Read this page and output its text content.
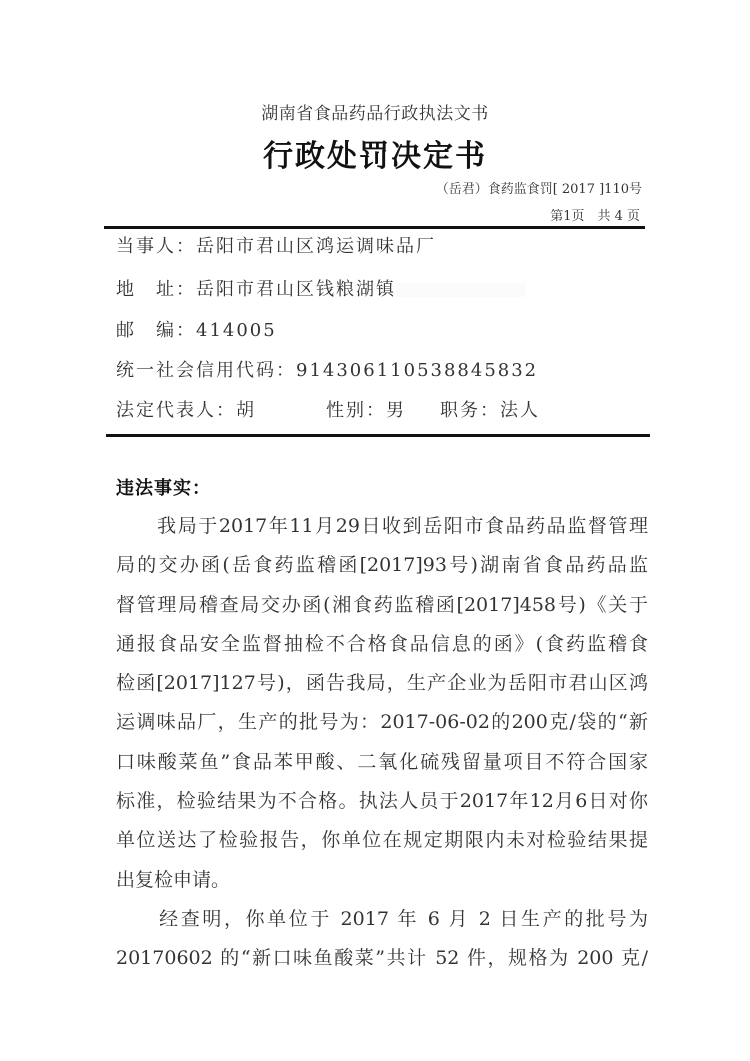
湖南省食品药品行政执法文书
行政处罚决定书
（岳君）食药监食罚[ 2017 ]110号
第1页　共 4 页
当事人：岳阳市君山区鸿运调味品厂
地　址：岳阳市君山区钱粮湖镇
邮　编：414005
统一社会信用代码：914306110538845832
法定代表人：胡	性别：男 职务：法人
违法事实：
　　我局于2017年11月29日收到岳阳市食品药品监督管理
局的交办函(岳食药监稽函[2017]93号)湖南省食品药品监
督管理局稽查局交办函(湘食药监稽函[2017]458号)《关于
通报食品安全监督抽检不合格食品信息的函》(食药监稽食
检函[2017]127号)，函告我局，生产企业为岳阳市君山区鸿
运调味品厂，生产的批号为：2017-06-02的200克/袋的“新
口味酸菜鱼”食品苯甲酸、二氧化硫残留量项目不符合国家
标准，检验结果为不合格。执法人员于2017年12月6日对你
单位送达了检验报告，你单位在规定期限内未对检验结果提
出复检申请。
　　经查明，你单位于 2017 年 6 月 2 日生产的批号为
20170602 的“新口味鱼酸菜”共计 52 件，规格为 200 克/
